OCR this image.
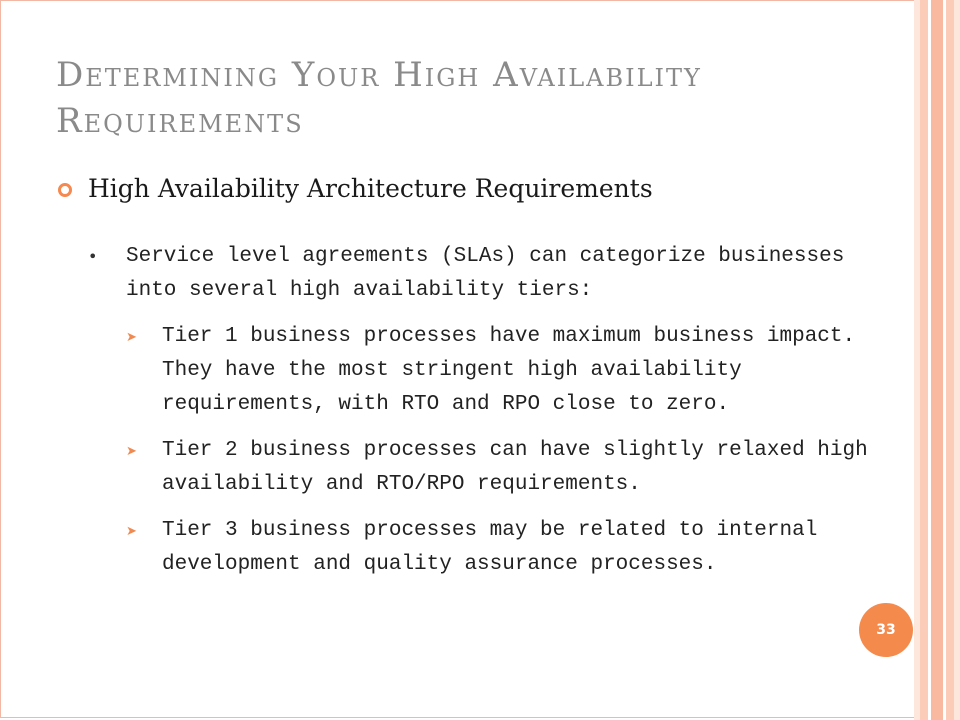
Determining Your High Availability Requirements
High Availability Architecture Requirements
•	Service level agreements (SLAs) can categorize businesses into several high availability tiers:
➤	Tier 1 business processes have maximum business impact. They have the most stringent high availability requirements, with RTO and RPO close to zero.
➤	Tier 2 business processes can have slightly relaxed high availability and RTO/RPO requirements.
➤	Tier 3 business processes may be related to internal development and quality assurance processes.
33
